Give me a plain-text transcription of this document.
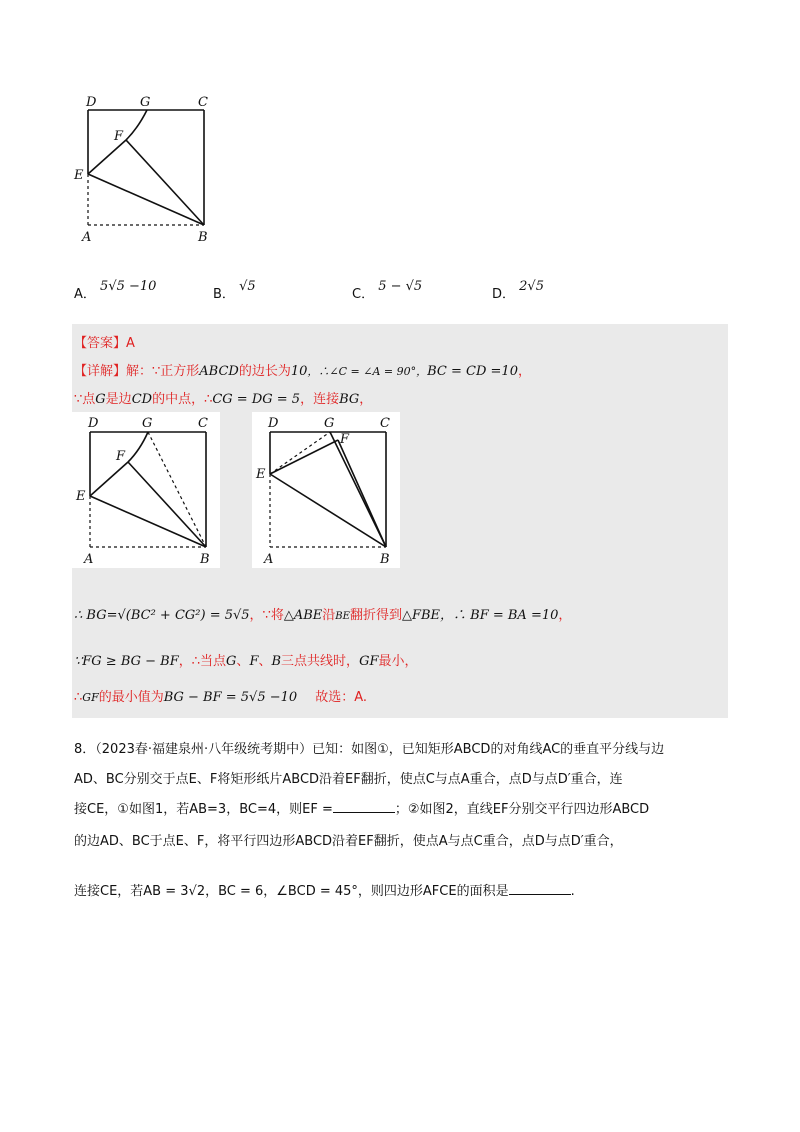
D	G	C
F
E
A	B
A． 5√5 −10
B． √5
C． 5 − √5
D． 2√5
【答案】A
【详解】解：∵正方形ABCD的边长为10，∴∠C = ∠A = 90°，BC = CD =10，
∵点G是边CD的中点，∴CG = DG = 5，连接BG，
D	G	C
F
E
A	B
D	G
F
C
E
A	B
∴ BG=√(BC² + CG²) = 5√5，∵将△ABE沿BE翻折得到△FBE，∴ BF = BA =10，
∵FG ≥ BG − BF，∴当点G、F、B三点共线时，GF最小，
∴GF的最小值为BG − BF = 5√5 −10 故选：A.
8．（2023春·福建泉州·八年级统考期中）已知：如图①，已知矩形ABCD的对角线AC的垂直平分线与边
AD、BC分别交于点E、F将矩形纸片ABCD沿着EF翻折，使点C与点A重合，点D与点D′重合，连
接CE，①如图1，若AB=3，BC=4，则EF =	；②如图2，直线EF分别交平行四边形ABCD
的边AD、BC于点E、F，将平行四边形ABCD沿着EF翻折，使点A与点C重合，点D与点D′重合，
连接CE，若AB = 3√2，BC = 6，∠BCD = 45°，则四边形AFCE的面积是	.
